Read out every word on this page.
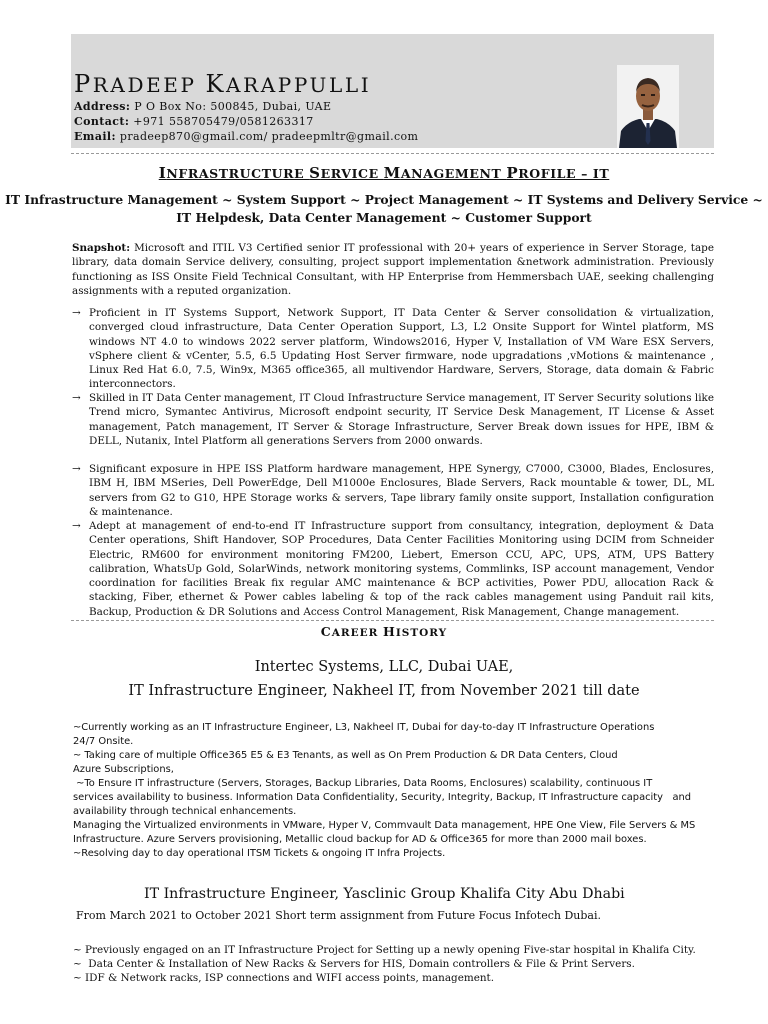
PRADEEP KARAPPULLI
Address: P O Box No: 500845, Dubai, UAE
Contact: +971 558705479/0581263317
Email: pradeep870@gmail.com/ pradeepmltr@gmail.com
INFRASTRUCTURE SERVICE MANAGEMENT PROFILE – IT
IT Infrastructure Management ~ System Support ~ Project Management ~ IT Systems and Delivery Service ~
IT Helpdesk, Data Center Management ~ Customer Support
Snapshot: Microsoft and ITIL V3 Certified senior IT professional with 20+ years of experience in Server Storage, tape library, data domain Service delivery, consulting, project support implementation &network administration. Previously functioning as ISS Onsite Field Technical Consultant, with HP Enterprise from Hemmersbach UAE, seeking challenging assignments with a reputed organization.
→ Proficient in IT Systems Support, Network Support, IT Data Center & Server consolidation & virtualization, converged cloud infrastructure, Data Center Operation Support, L3, L2 Onsite Support for Wintel platform, MS windows NT 4.0 to windows 2022 server platform, Windows2016, Hyper V, Installation of VM Ware ESX Servers, vSphere client & vCenter, 5.5, 6.5 Updating Host Server firmware, node upgradations ,vMotions & maintenance , Linux Red Hat 6.0, 7.5, Win9x, M365 office365, all multivendor Hardware, Servers, Storage, data domain & Fabric interconnectors.
→ Skilled in IT Data Center management, IT Cloud Infrastructure Service management, IT Server Security solutions like Trend micro, Symantec Antivirus, Microsoft endpoint security, IT Service Desk Management, IT License & Asset management, Patch management, IT Server & Storage Infrastructure, Server Break down issues for HPE, IBM & DELL, Nutanix, Intel Platform all generations Servers from 2000 onwards.
→ Significant exposure in HPE ISS Platform hardware management, HPE Synergy, C7000, C3000, Blades, Enclosures, IBM H, IBM MSeries, Dell PowerEdge, Dell M1000e Enclosures, Blade Servers, Rack mountable & tower, DL, ML servers from G2 to G10, HPE Storage works & servers, Tape library family onsite support, Installation configuration & maintenance.
→ Adept at management of end-to-end IT Infrastructure support from consultancy, integration, deployment & Data Center operations, Shift Handover, SOP Procedures, Data Center Facilities Monitoring using DCIM from Schneider Electric, RM600 for environment monitoring FM200, Liebert, Emerson CCU, APC, UPS, ATM, UPS Battery calibration, WhatsUp Gold, SolarWinds, network monitoring systems, Commlinks, ISP account management, Vendor coordination for facilities Break fix regular AMC maintenance & BCP activities, Power PDU, allocation Rack & stacking, Fiber, ethernet & Power cables labeling & top of the rack cables management using Panduit rail kits, Backup, Production & DR Solutions and Access Control Management, Risk Management, Change management.
CAREER HISTORY
Intertec Systems, LLC, Dubai UAE,
IT Infrastructure Engineer, Nakheel IT, from November 2021 till date
~Currently working as an IT Infrastructure Engineer, L3, Nakheel IT, Dubai for day-to-day IT Infrastructure Operations
24/7 Onsite.
~ Taking care of multiple Office365 E5 & E3 Tenants, as well as On Prem Production & DR Data Centers, Cloud
Azure Subscriptions,
~To Ensure IT infrastructure (Servers, Storages, Backup Libraries, Data Rooms, Enclosures) scalability, continuous IT
services availability to business. Information Data Confidentiality, Security, Integrity, Backup, IT Infrastructure capacity   and
availability through technical enhancements.
Managing the Virtualized environments in VMware, Hyper V, Commvault Data management, HPE One View, File Servers & MS
Infrastructure. Azure Servers provisioning, Metallic cloud backup for AD & Office365 for more than 2000 mail boxes.
~Resolving day to day operational ITSM Tickets & ongoing IT Infra Projects.
IT Infrastructure Engineer, Yasclinic Group Khalifa City Abu Dhabi
From March 2021 to October 2021 Short term assignment from Future Focus Infotech Dubai.
~ Previously engaged on an IT Infrastructure Project for Setting up a newly opening Five-star hospital in Khalifa City.
~  Data Center & Installation of New Racks & Servers for HIS, Domain controllers & File & Print Servers.
~ IDF & Network racks, ISP connections and WIFI access points, management.
